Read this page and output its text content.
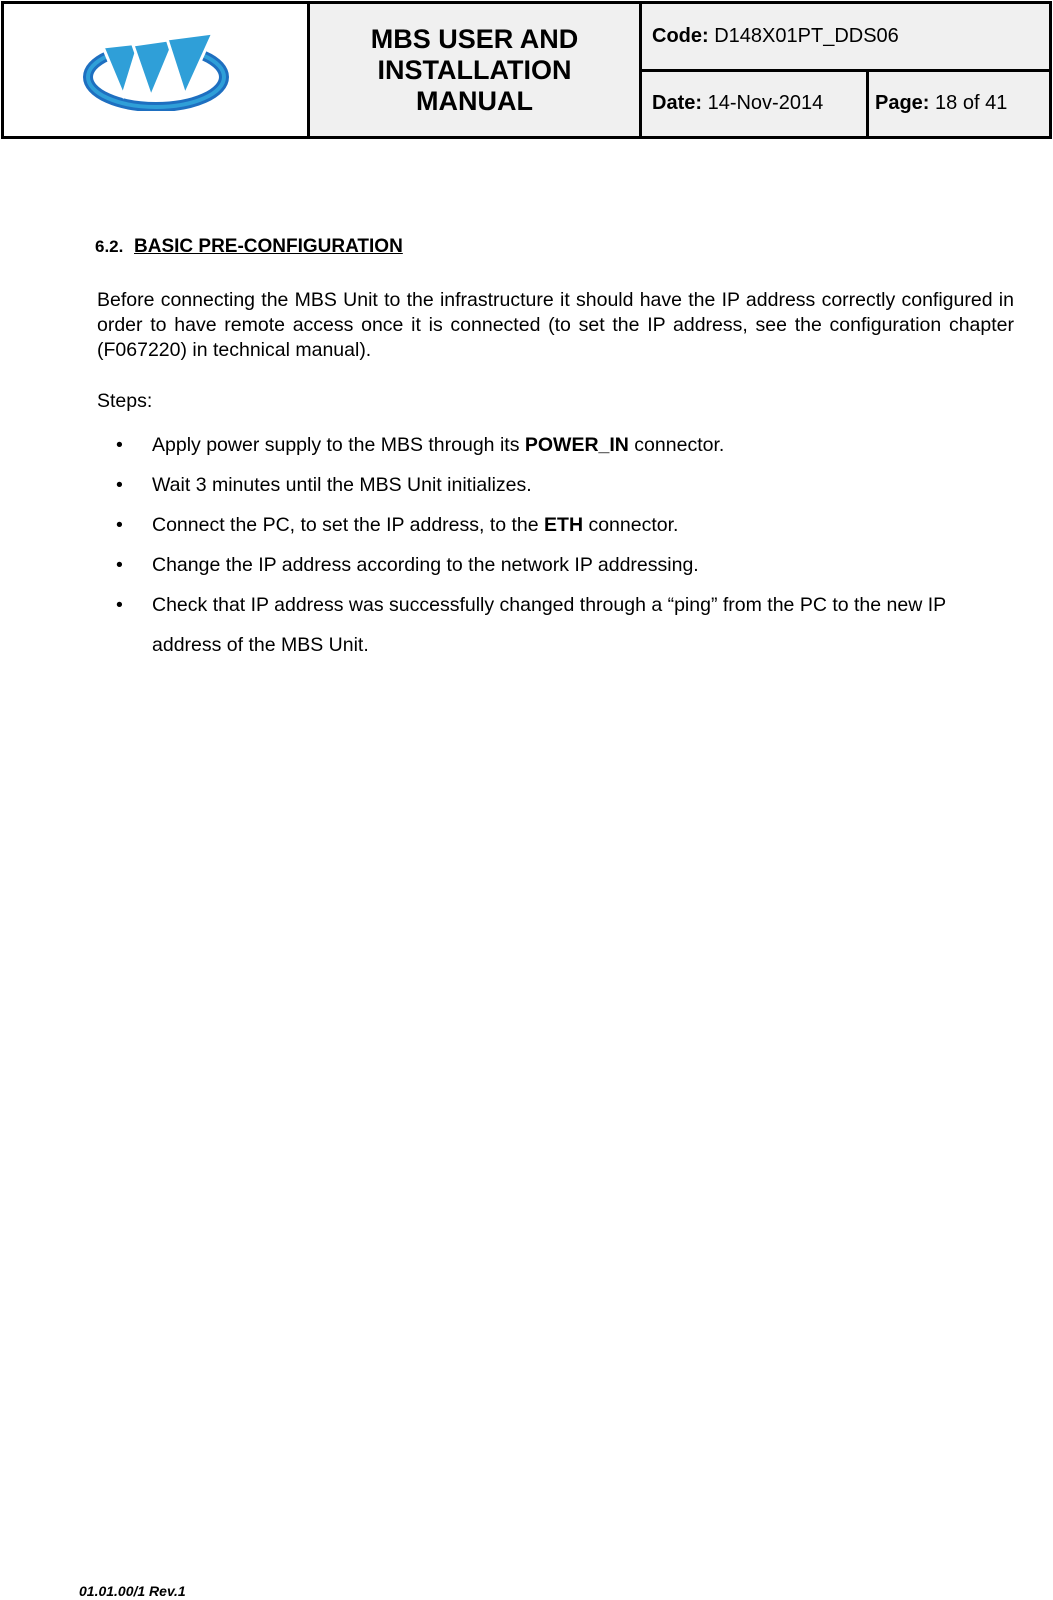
MBS USER AND
INSTALLATION
MANUAL	Code: D148X01PT_DDS06	
		Date: 14-Nov-2014	Page: 18 of 41
6.2. BASIC PRE-CONFIGURATION

Before connecting the MBS Unit to the infrastructure it should have the IP address correctly configured in order to have remote access once it is connected (to set the IP address, see the configuration chapter (F067220) in technical manual).

Steps:

• Apply power supply to the MBS through its POWER_IN connector.
• Wait 3 minutes until the MBS Unit initializes.
• Connect the PC, to set the IP address, to the ETH connector.
• Change the IP address according to the network IP addressing.
• Check that IP address was successfully changed through a “ping” from the PC to the new IP address of the MBS Unit.
01.01.00/1 Rev.1
